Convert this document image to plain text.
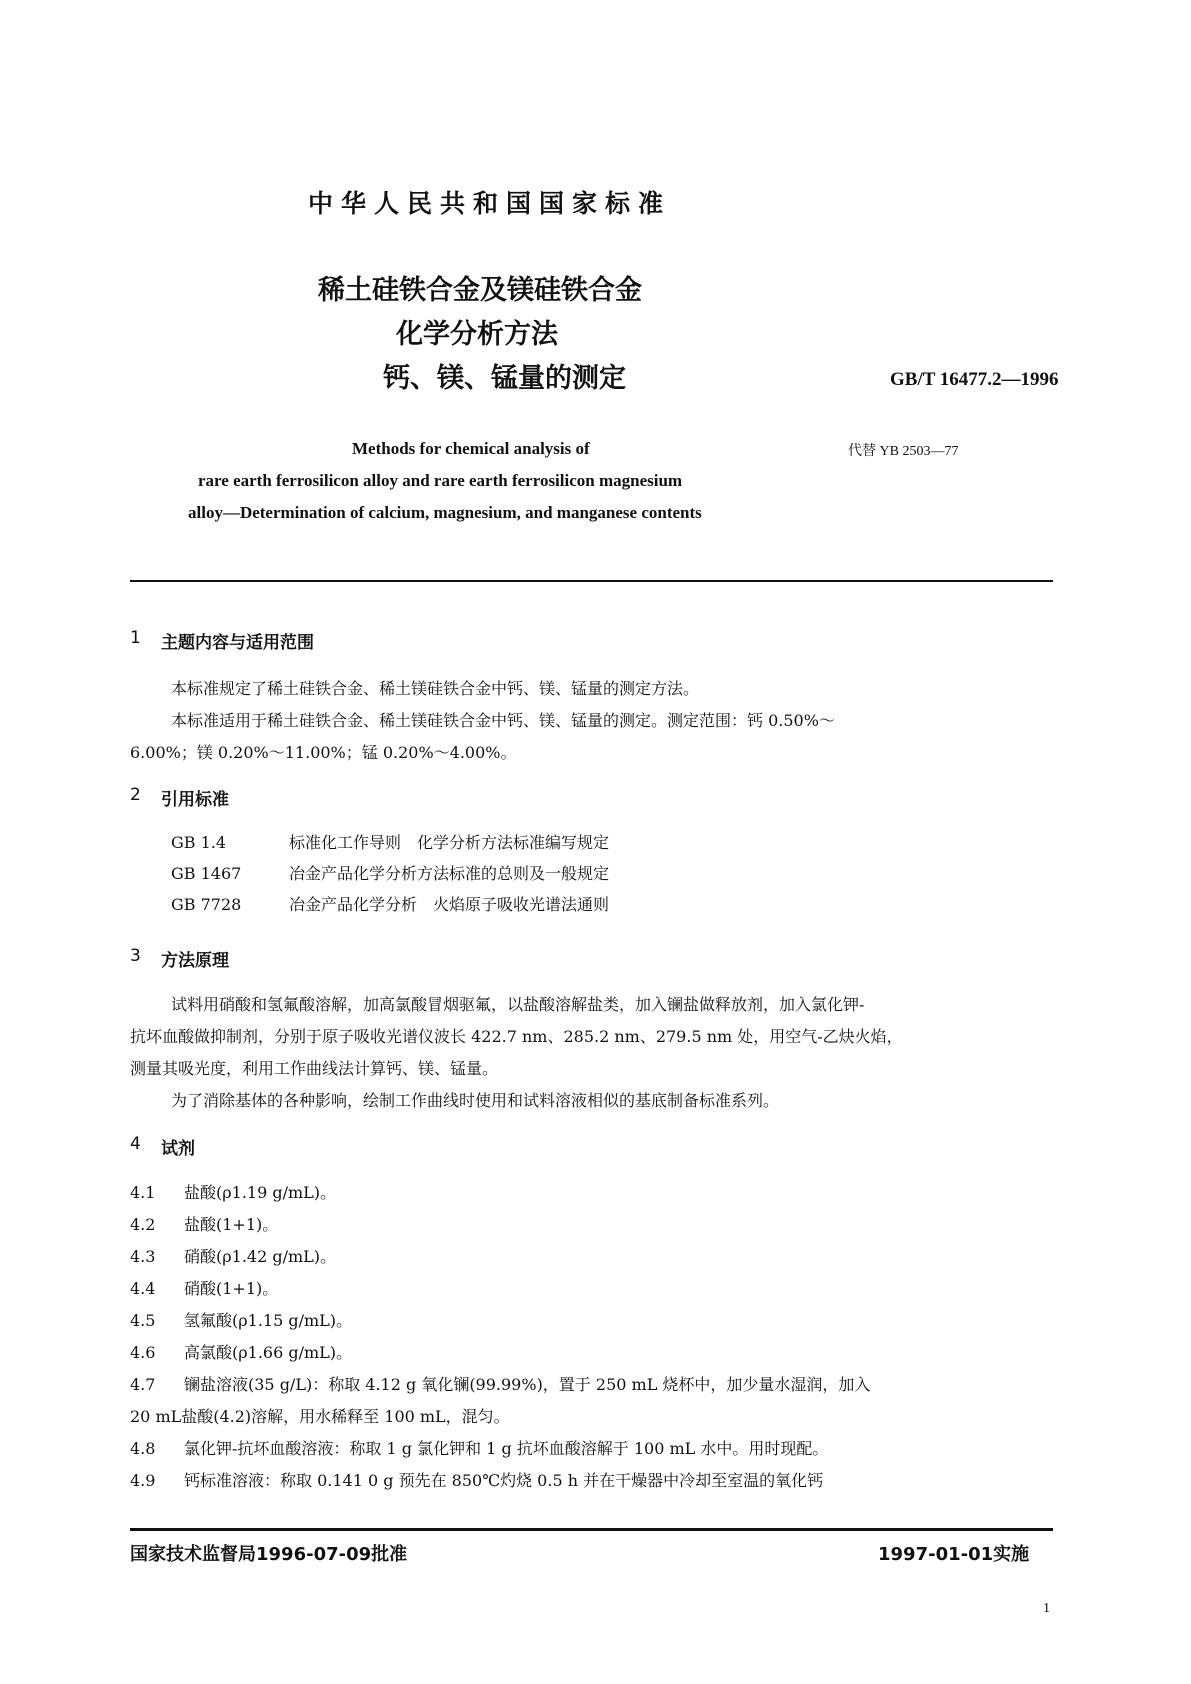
中华人民共和国国家标准
稀土硅铁合金及镁硅铁合金
化学分析方法
钙、镁、锰量的测定	GB/T 16477.2—1996
代替 YB 2503—77
Methods for chemical analysis of
rare earth ferrosilicon alloy and rare earth ferrosilicon magnesium
alloy—Determination of calcium, magnesium, and manganese contents
1 主题内容与适用范围
本标准规定了稀土硅铁合金、稀土镁硅铁合金中钙、镁、锰量的测定方法。
本标准适用于稀土硅铁合金、稀土镁硅铁合金中钙、镁、锰量的测定。测定范围：钙 0.50%～
6.00%；镁 0.20%～11.00%；锰 0.20%～4.00%。
2 引用标准
GB 1.4	标准化工作导则　化学分析方法标准编写规定
GB 1467	冶金产品化学分析方法标准的总则及一般规定
GB 7728	冶金产品化学分析　火焰原子吸收光谱法通则
3 方法原理
试料用硝酸和氢氟酸溶解，加高氯酸冒烟驱氟，以盐酸溶解盐类，加入镧盐做释放剂，加入氯化钾-
抗坏血酸做抑制剂，分别于原子吸收光谱仪波长 422.7 nm、285.2 nm、279.5 nm 处，用空气-乙炔火焰，
测量其吸光度，利用工作曲线法计算钙、镁、锰量。
为了消除基体的各种影响，绘制工作曲线时使用和试料溶液相似的基底制备标准系列。
4 试剂
4.1 盐酸(ρ1.19 g/mL)。
4.2 盐酸(1+1)。
4.3 硝酸(ρ1.42 g/mL)。
4.4 硝酸(1+1)。
4.5 氢氟酸(ρ1.15 g/mL)。
4.6 高氯酸(ρ1.66 g/mL)。
4.7 镧盐溶液(35 g/L)：称取 4.12 g 氧化镧(99.99%)，置于 250 mL 烧杯中，加少量水湿润，加入
20 mL盐酸(4.2)溶解，用水稀释至 100 mL，混匀。
4.8 氯化钾-抗坏血酸溶液：称取 1 g 氯化钾和 1 g 抗坏血酸溶解于 100 mL 水中。用时现配。
4.9 钙标准溶液：称取 0.141 0 g 预先在 850℃灼烧 0.5 h 并在干燥器中冷却至室温的氧化钙
国家技术监督局1996-07-09批准	1997-01-01实施
1
